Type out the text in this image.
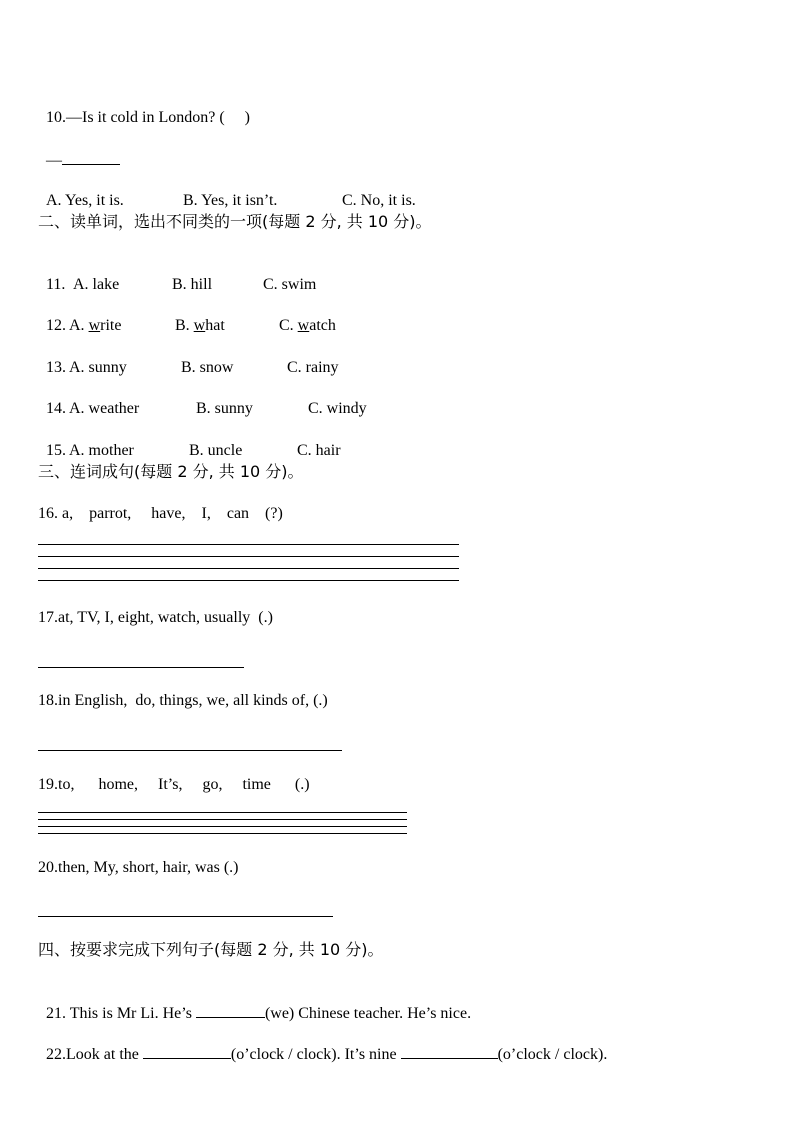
10.—Is it cold in London? ( )

—

A. Yes, it is.	B. Yes, it isn’t.	C. No, it is.

二、读单词，选出不同类的一项(每题 2 分, 共 10 分)。

11. A. lake	B. hill	C. swim

12. A. write	B. what	C. watch

13. A. sunny	B. snow	C. rainy

14. A. weather	B. sunny	C. windy

15. A. mother	B. uncle	C. hair

三、连词成句(每题 2 分, 共 10 分)。
16. a,    parrot,     have,    I,    can    (?)
17.at, TV, I, eight, watch, usually  (.)
18.in English,  do, things, we, all kinds of, (.)
19.to,      home,     It’s,     go,     time      (.)
20.then, My, short, hair, was (.)
四、按要求完成下列句子(每题 2 分, 共 10 分)。

21. This is Mr Li. He’s	(we) Chinese teacher. He’s nice.

22.Look at the	(o’clock / clock). It’s nine	(o’clock / clock).
